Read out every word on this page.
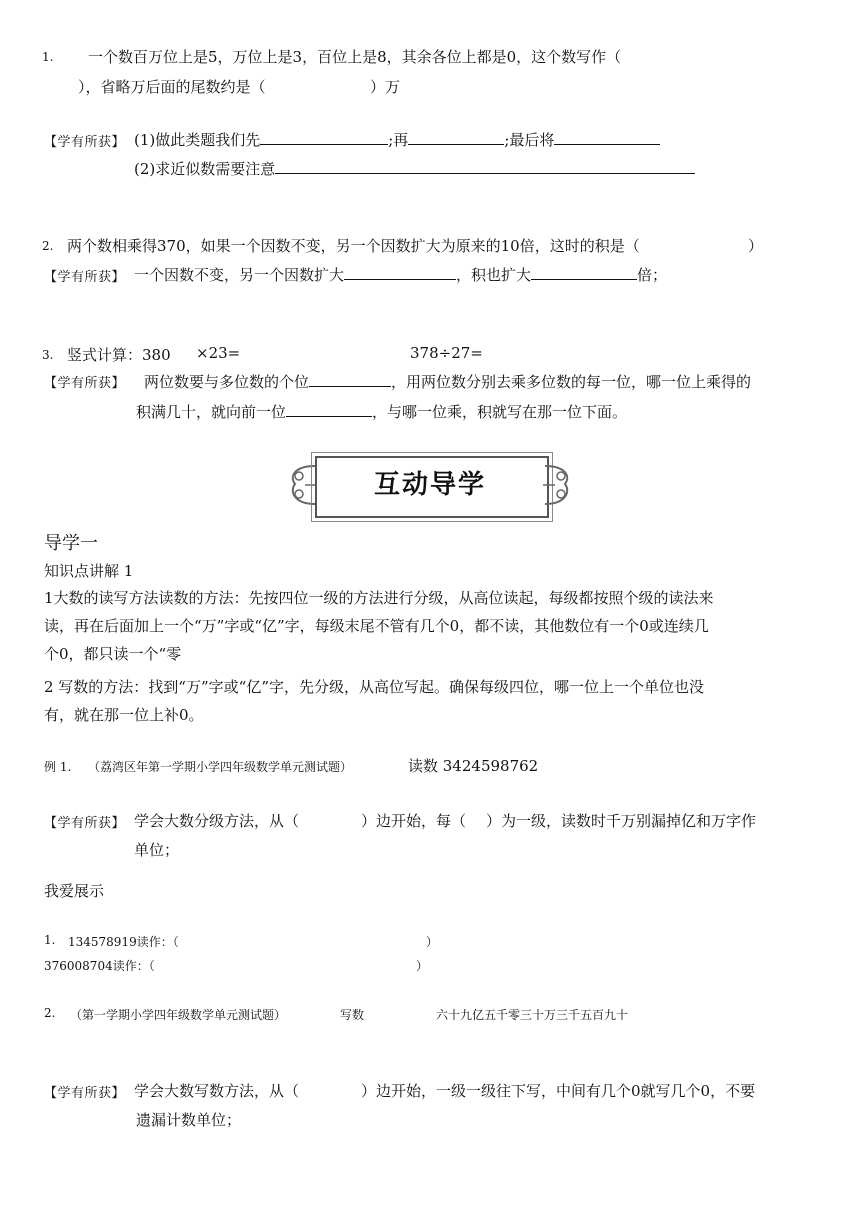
1. 一个数百万位上是5，万位上是3，百位上是8，其余各位上都是0，这个数写作（
），省略万后面的尾数约是（	）万
【学有所获】 (1)做此类题我们先	;再	;最后将
(2)求近似数需要注意
2. 两个数相乘得370，如果一个因数不变，另一个因数扩大为原来的10倍，这时的积是（	）
【学有所获】 一个因数不变，另一个因数扩大	，积也扩大	倍；
3. 竖式计算：380 ×23=	378÷27=
【学有所获】 两位数要与多位数的个位	，用两位数分别去乘多位数的每一位，哪一位上乘得的
积满几十，就向前一位	，与哪一位乘，积就写在那一位下面。
互动导学
导学一
知识点讲解 1
1大数的读写方法读数的方法：先按四位一级的方法进行分级，从高位读起，每级都按照个级的读法来
读，再在后面加上一个“万”字或“亿”字，每级末尾不管有几个0，都不读，其他数位有一个0或连续几
个0，都只读一个“零
2 写数的方法：找到“万”字或“亿”字，先分级，从高位写起。确保每级四位，哪一位上一个单位也没
有，就在那一位上补0。
例 1. （荔湾区年第一学期小学四年级数学单元测试题）	读数 3424598762
【学有所获】 学会大数分级方法，从（	）边开始，每（ ）为一级，读数时千万别漏掉亿和万字作
单位；
我爱展示
1. 134578919读作：（	）
376008704读作：（	）
2. （第一学期小学四年级数学单元测试题）	写数	六十九亿五千零三十万三千五百九十
【学有所获】 学会大数写数方法，从（	）边开始，一级一级往下写，中间有几个0就写几个0，不要
遗漏计数单位；
